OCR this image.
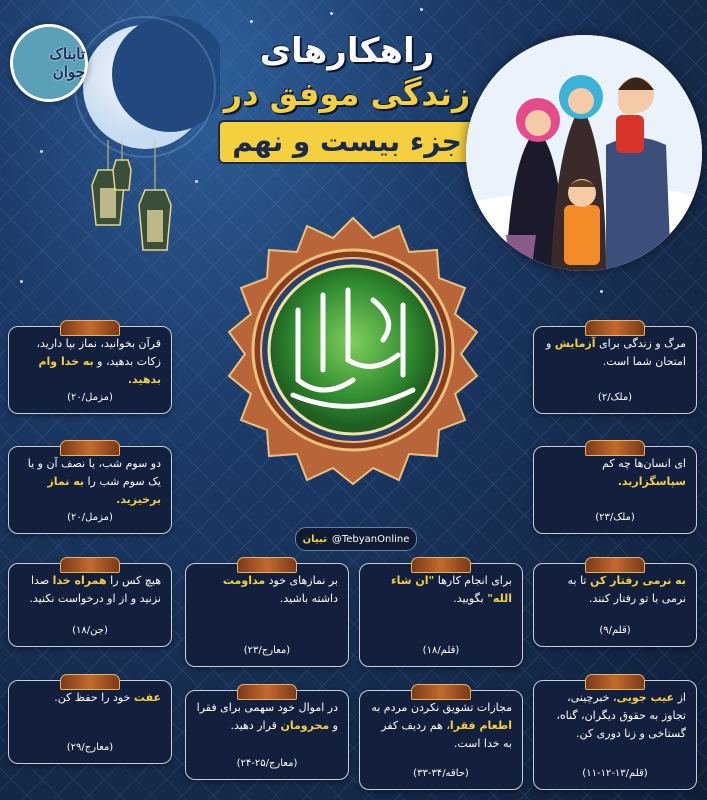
تابناک جوان
راهکارهای
زندگی موفق در
جزء بیست و نهم
تبیان @TebyanOnline
مرگ و زندگی برای آزمایش و امتحان شما است.
(ملک/۲)
قرآن بخوانید، نماز بپا دارید، زکات بدهید، و به خدا وام بدهید.
(مزمل/۲۰)
ای انسان‌ها چه کم سپاسگزارید.
(ملک/۲۳)
دو سوم شب، یا نصف آن و یا یک سوم شب را به نماز برخیزید.
(مزمل/۲۰)
به نرمی رفتار کن تا به نرمی با تو رفتار کنند.
(قلم/۹)
برای انجام کارها "ان شاء الله" بگویید.
(قلم/۱۸)
بر نمازهای خود مداومت داشته باشید.
(معارج/۲۳)
هیچ کس را همراه خدا صدا نزنید و از او درخواست نکنید.
(جن/۱۸)
از عیب جویی، خبرچینی، تجاوز به حقوق دیگران، گناه، گستاخی و زنا دوری کن.
(قلم/۱۳-۱۲-۱۱)
مجازات تشویق نکردن مردم به اطعام فقرا، هم ردیف کفر به خدا است.
(حاقه/۳۴-۳۳)
در اموال خود سهمی برای فقرا و محرومان قرار دهید.
(معارج/۲۵-۲۴)
عفت خود را حفظ کن.
(معارج/۲۹)
